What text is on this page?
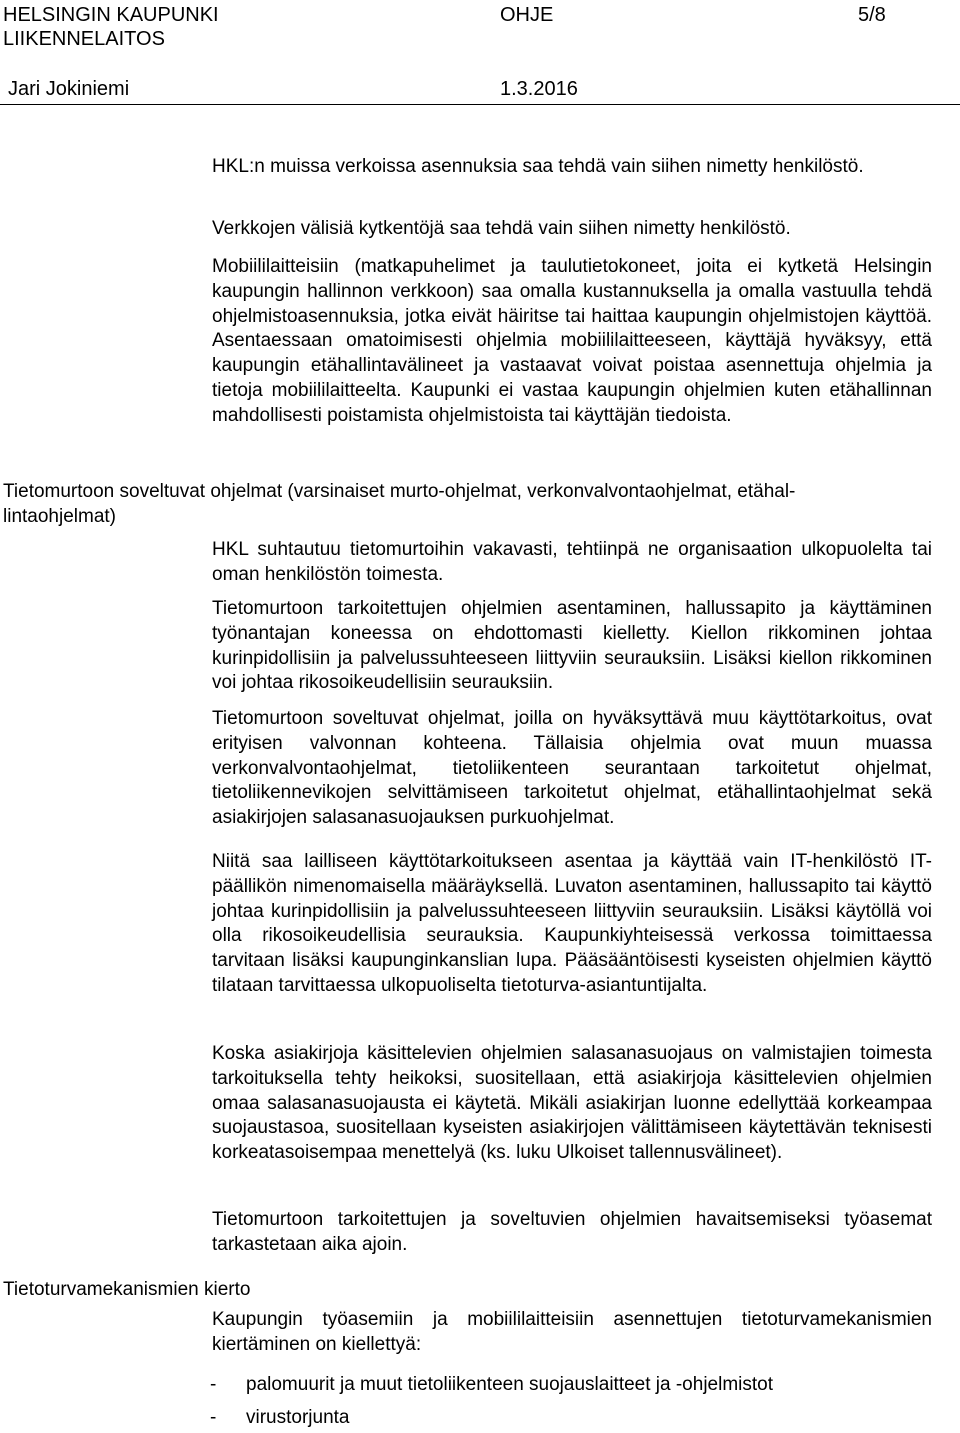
HELSINGIN KAUPUNKI
LIIKENNELAITOS
OHJE	5/8
Jari Jokiniemi	1.3.2016
HKL:n muissa verkoissa asennuksia saa tehdä vain siihen nimetty henkilöstö.
Verkkojen välisiä kytkentöjä saa tehdä vain siihen nimetty henkilöstö.
Mobiililaitteisiin (matkapuhelimet ja taulutietokoneet, joita ei kytketä Helsingin kaupungin hallinnon verkkoon) saa omalla kustannuksella ja omalla vastuulla tehdä ohjelmistoasennuksia, jotka eivät häiritse tai haittaa kaupungin ohjelmistojen käyttöä. Asentaessaan omatoimisesti ohjelmia mobiililaitteeseen, käyttäjä hyväksyy, että kaupungin etähallintavälineet ja vastaavat voivat poistaa asennettuja ohjelmia ja tietoja mobiililaitteelta. Kaupunki ei vastaa kaupungin ohjelmien kuten etähallinnan mahdollisesti poistamista ohjelmistoista tai käyttäjän tiedoista.
Tietomurtoon soveltuvat ohjelmat (varsinaiset murto-ohjelmat, verkonvalvontaohjelmat, etähal-
lintaohjelmat)
HKL suhtautuu tietomurtoihin vakavasti, tehtiinpä ne organisaation ulkopuolelta tai oman henkilöstön toimesta.
Tietomurtoon tarkoitettujen ohjelmien asentaminen, hallussapito ja käyttäminen työnantajan koneessa on ehdottomasti kielletty. Kiellon rikkominen johtaa kurinpidollisiin ja palvelussuhteeseen liittyviin seurauksiin. Lisäksi kiellon rikkominen voi johtaa rikosoikeudellisiin seurauksiin.
Tietomurtoon soveltuvat ohjelmat, joilla on hyväksyttävä muu käyttötarkoitus, ovat erityisen valvonnan kohteena. Tällaisia ohjelmia ovat muun muassa verkonvalvontaohjelmat, tietoliikenteen seurantaan tarkoitetut ohjelmat, tietoliikennevikojen selvittämiseen tarkoitetut ohjelmat, etähallintaohjelmat sekä asiakirjojen salasanasuojauksen purkuohjelmat.
Niitä saa lailliseen käyttötarkoitukseen asentaa ja käyttää vain IT-henkilöstö IT-päällikön nimenomaisella määräyksellä. Luvaton asentaminen, hallussapito tai käyttö johtaa kurinpidollisiin ja palvelussuhteeseen liittyviin seurauksiin. Lisäksi käytöllä voi olla rikosoikeudellisia seurauksia. Kaupunkiyhteisessä verkossa toimittaessa tarvitaan lisäksi kaupunginkanslian lupa. Pääsääntöisesti kyseisten ohjelmien käyttö tilataan tarvittaessa ulkopuoliselta tietoturva-asiantuntijalta.
Koska asiakirjoja käsittelevien ohjelmien salasanasuojaus on valmistajien toimesta tarkoituksella tehty heikoksi, suositellaan, että asiakirjoja käsittelevien ohjelmien omaa salasanasuojausta ei käytetä. Mikäli asiakirjan luonne edellyttää korkeampaa suojaustasoa, suositellaan kyseisten asiakirjojen välittämiseen käytettävän teknisesti korkeatasoisempaa menettelyä (ks. luku Ulkoiset tallennusvälineet).
Tietomurtoon tarkoitettujen ja soveltuvien ohjelmien havaitsemiseksi työasemat tarkastetaan aika ajoin.
Tietoturvamekanismien kierto
Kaupungin työasemiin ja mobiililaitteisiin asennettujen tietoturvamekanismien kiertäminen on kiellettyä:
- palomuurit ja muut tietoliikenteen suojauslaitteet ja -ohjelmistot
- virustorjunta
